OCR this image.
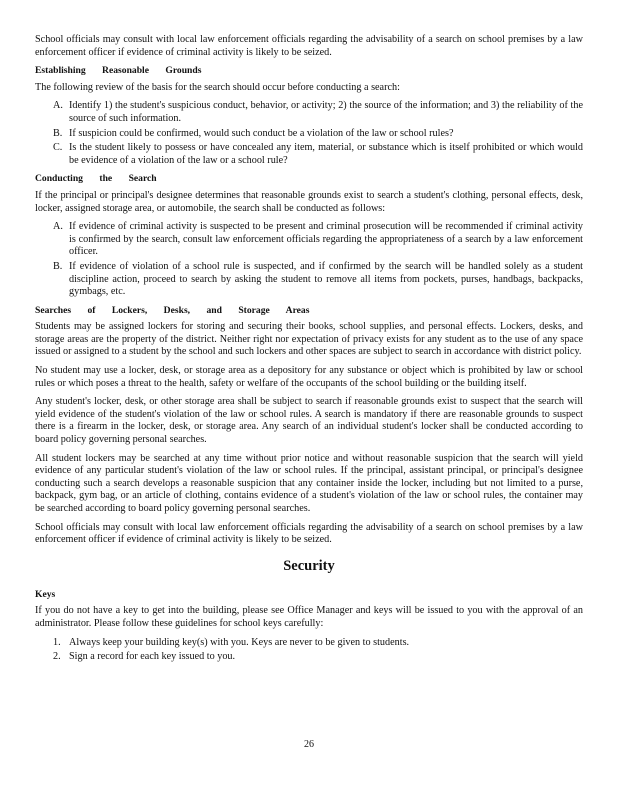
School officials may consult with local law enforcement officials regarding the advisability of a search on school premises by a law enforcement officer if evidence of criminal activity is likely to be seized.

Establishing Reasonable Grounds

The following review of the basis for the search should occur before conducting a search:

A. Identify 1) the student's suspicious conduct, behavior, or activity; 2) the source of the information; and 3) the reliability of the source of such information.
B. If suspicion could be confirmed, would such conduct be a violation of the law or school rules?
C. Is the student likely to possess or have concealed any item, material, or substance which is itself prohibited or which would be evidence of a violation of the law or a school rule?
Conducting the Search

If the principal or principal's designee determines that reasonable grounds exist to search a student's clothing, personal effects, desk, locker, assigned storage area, or automobile, the search shall be conducted as follows:

A. If evidence of criminal activity is suspected to be present and criminal prosecution will be recommended if criminal activity is confirmed by the search, consult law enforcement officials regarding the appropriateness of a search by a law enforcement officer.
B. If evidence of violation of a school rule is suspected, and if confirmed by the search will be handled solely as a student discipline action, proceed to search by asking the student to remove all items from pockets, purses, handbags, backpacks, gymbags, etc.
Searches of Lockers, Desks, and Storage Areas

Students may be assigned lockers for storing and securing their books, school supplies, and personal effects. Lockers, desks, and storage areas are the property of the district. Neither right nor expectation of privacy exists for any student as to the use of any space issued or assigned to a student by the school and such lockers and other spaces are subject to search in accordance with district policy.

No student may use a locker, desk, or storage area as a depository for any substance or object which is prohibited by law or school rules or which poses a threat to the health, safety or welfare of the occupants of the school building or the building itself.

Any student's locker, desk, or other storage area shall be subject to search if reasonable grounds exist to suspect that the search will yield evidence of the student's violation of the law or school rules. A search is mandatory if there are reasonable grounds to suspect there is a firearm in the locker, desk, or storage area. Any search of an individual student's locker shall be conducted according to board policy governing personal searches.

All student lockers may be searched at any time without prior notice and without reasonable suspicion that the search will yield evidence of any particular student's violation of the law or school rules. If the principal, assistant principal, or principal's designee conducting such a search develops a reasonable suspicion that any container inside the locker, including but not limited to a purse, backpack, gym bag, or an article of clothing, contains evidence of a student's violation of the law or school rules, the container may be searched according to board policy governing personal searches.

School officials may consult with local law enforcement officials regarding the advisability of a search on school premises by a law enforcement officer if evidence of criminal activity is likely to be seized.

Security
Keys

If you do not have a key to get into the building, please see Office Manager and keys will be issued to you with the approval of an administrator. Please follow these guidelines for school keys carefully:

1. Always keep your building key(s) with you. Keys are never to be given to students.
2. Sign a record for each key issued to you.
26
